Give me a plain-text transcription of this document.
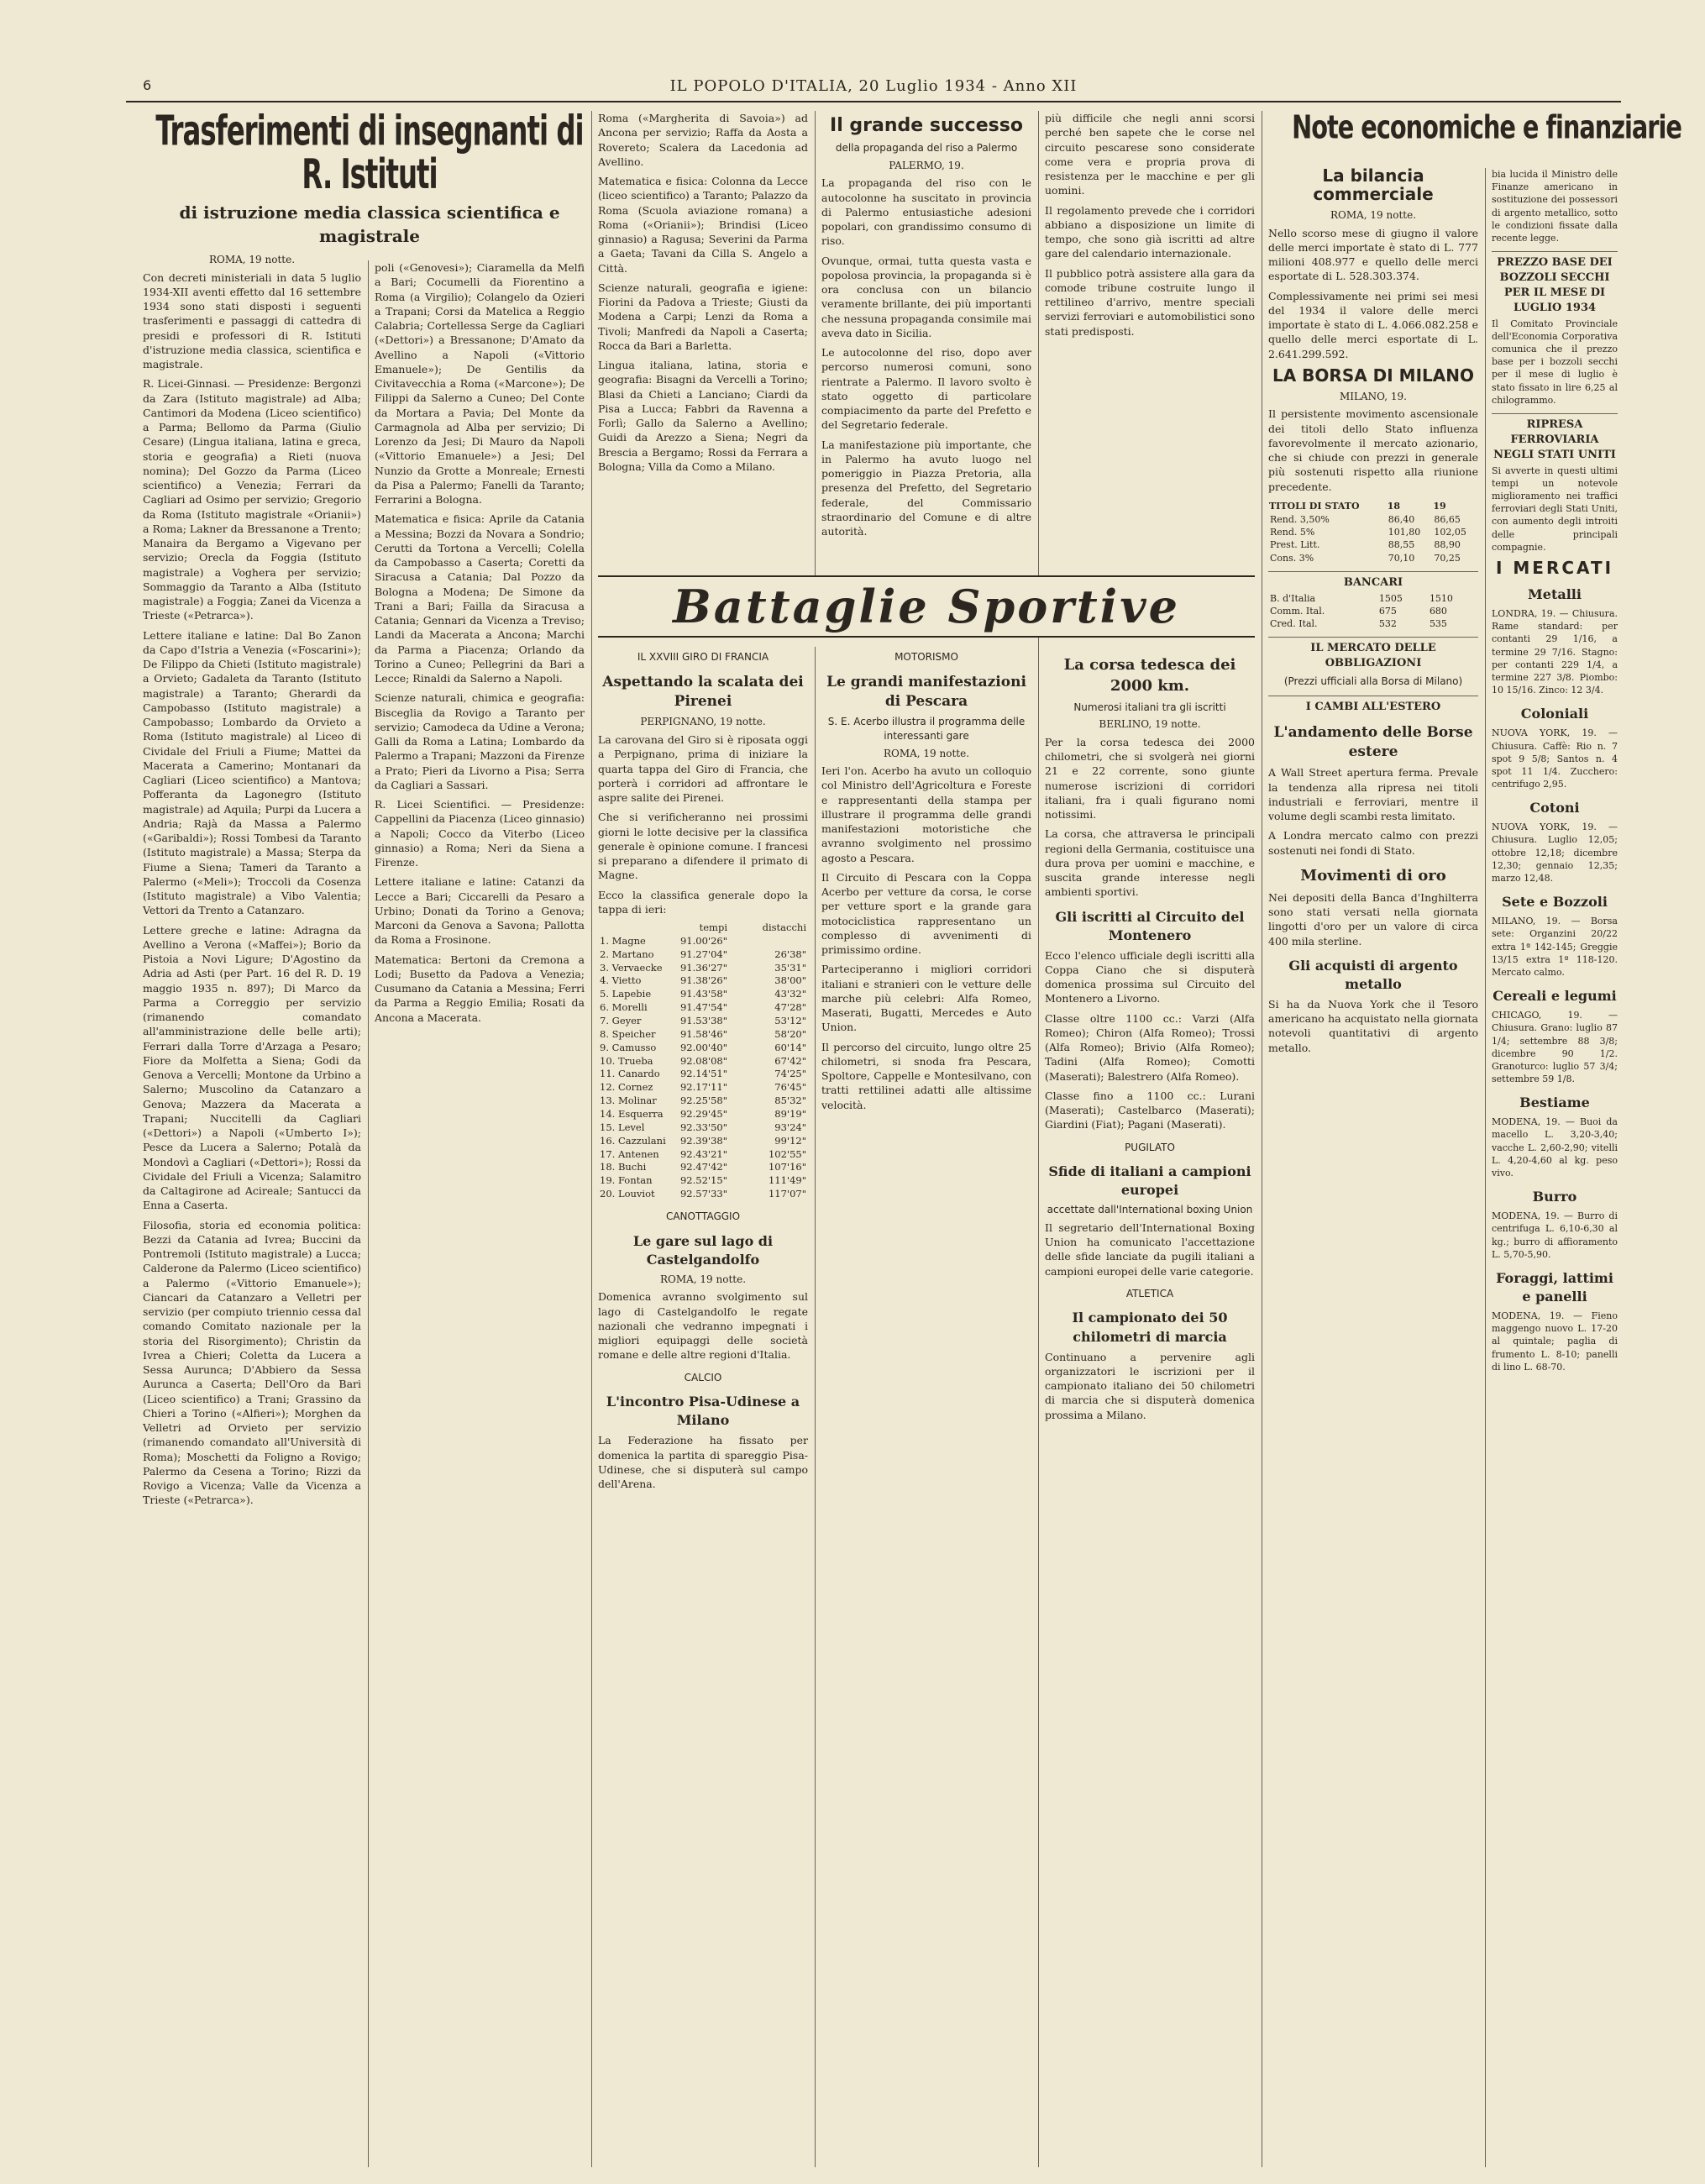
6	IL POPOLO D'ITALIA, 20 Luglio 1934 - Anno XII
Trasferimenti di insegnanti di R. Istituti
di istruzione media classica scientifica e magistrale
ROMA, 19 notte.

Con decreti ministeriali in data 5 luglio 1934-XII aventi effetto dal 16 settembre 1934 sono stati disposti i seguenti trasferimenti e passaggi di cattedra di presidi e professori di R. Istituti d'istruzione media classica, scientifica e magistrale.

R. Licei-Ginnasi. — Presidenze: Bergonzi da Zara (Istituto magistrale) ad Alba; Cantimori da Modena (Liceo scientifico) a Parma; Bellomo da Parma (Giulio Cesare) (Lingua italiana, latina e greca, storia e geografia) a Rieti (nuova nomina); Del Gozzo da Parma (Liceo scientifico) a Venezia; Ferrari da Cagliari ad Osimo per servizio; Gregorio da Roma (Istituto magistrale «Orianii») a Roma; Lakner da Bressanone a Trento; Manaira da Bergamo a Vigevano per servizio; Orecla da Foggia (Istituto magistrale) a Voghera per servizio; Sommaggio da Taranto a Alba (Istituto magistrale) a Foggia; Zanei da Vicenza a Trieste («Petrarca»).

Lettere italiane e latine: Dal Bo Zanon da Capo d'Istria a Venezia («Foscarini»); De Filippo da Chieti (Istituto magistrale) a Orvieto; Gadaleta da Taranto (Istituto magistrale) a Taranto; Gherardi da Campobasso (Istituto magistrale) a Campobasso; Lombardo da Orvieto a Roma (Istituto magistrale) al Liceo di Cividale del Friuli a Fiume; Mattei da Macerata a Camerino; Montanari da Cagliari (Liceo scientifico) a Mantova; Pofferanta da Lagonegro (Istituto magistrale) ad Aquila; Purpi da Lucera a Andria; Rajà da Massa a Palermo («Garibaldi»); Rossi Tombesi da Taranto (Istituto magistrale) a Massa; Sterpa da Fiume a Siena; Tameri da Taranto a Palermo («Meli»); Troccoli da Cosenza (Istituto magistrale) a Vibo Valentia; Vettori da Trento a Catanzaro.

Lettere greche e latine: Adragna da Avellino a Verona («Maffei»); Borio da Pistoia a Novi Ligure; D'Agostino da Adria ad Asti (per Part. 16 del R. D. 19 maggio 1935 n. 897); Di Marco da Parma a Correggio per servizio (rimanendo comandato all'amministrazione delle belle arti); Ferrari dalla Torre d'Arzaga a Pesaro; Fiore da Molfetta a Siena; Godi da Genova a Vercelli; Montone da Urbino a Salerno; Muscolino da Catanzaro a Genova; Mazzera da Macerata a Trapani; Nuccitelli da Cagliari («Dettori») a Napoli («Umberto I»); Pesce da Lucera a Salerno; Potalà da Mondovì a Cagliari («Dettori»); Rossi da Cividale del Friuli a Vicenza; Salamitro da Caltagirone ad Acireale; Santucci da Enna a Caserta.

Filosofia, storia ed economia politica: Bezzi da Catania ad Ivrea; Buccini da Pontremoli (Istituto magistrale) a Lucca; Calderone da Palermo (Liceo scientifico) a Palermo («Vittorio Emanuele»); Ciancari da Catanzaro a Velletri per servizio (per compiuto triennio cessa dal comando Comitato nazionale per la storia del Risorgimento); Christin da Ivrea a Chieri; Coletta da Lucera a Sessa Aurunca; D'Abbiero da Sessa Aurunca a Caserta; Dell'Oro da Bari (Liceo scientifico) a Trani; Grassino da Chieri a Torino («Alfieri»); Morghen da Velletri ad Orvieto per servizio (rimanendo comandato all'Università di Roma); Moschetti da Foligno a Rovigo; Palermo da Cesena a Torino; Rizzi da Rovigo a Vicenza; Valle da Vicenza a Trieste («Petrarca»).

poli («Genovesi»); Ciaramella da Melfi a Bari; Cocumelli da Fiorentino a Roma (a Virgilio); Colangelo da Ozieri a Trapani; Corsi da Matelica a Reggio Calabria; Cortellessa Serge da Cagliari («Dettori») a Bressanone; D'Amato da Avellino a Napoli («Vittorio Emanuele»); De Gentilis da Civitavecchia a Roma («Marcone»); De Filippi da Salerno a Cuneo; Del Conte da Mortara a Pavia; Del Monte da Carmagnola ad Alba per servizio; Di Lorenzo da Jesi; Di Mauro da Napoli («Vittorio Emanuele») a Jesi; Del Nunzio da Grotte a Monreale; Ernesti da Pisa a Palermo; Fanelli da Taranto; Ferrarini a Bologna.

Matematica e fisica: Aprile da Catania a Messina; Bozzi da Novara a Sondrio; Cerutti da Tortona a Vercelli; Colella da Campobasso a Caserta; Coretti da Siracusa a Catania; Dal Pozzo da Bologna a Modena; De Simone da Trani a Bari; Failla da Siracusa a Catania; Gennari da Vicenza a Treviso; Landi da Macerata a Ancona; Marchi da Parma a Piacenza; Orlando da Torino a Cuneo; Pellegrini da Bari a Lecce; Rinaldi da Salerno a Napoli.

Scienze naturali, chimica e geografia: Bisceglia da Rovigo a Taranto per servizio; Camodeca da Udine a Verona; Galli da Roma a Latina; Lombardo da Palermo a Trapani; Mazzoni da Firenze a Prato; Pieri da Livorno a Pisa; Serra da Cagliari a Sassari.

R. Licei Scientifici. — Presidenze: Cappellini da Piacenza (Liceo ginnasio) a Napoli; Cocco da Viterbo (Liceo ginnasio) a Roma; Neri da Siena a Firenze.

Lettere italiane e latine: Catanzi da Lecce a Bari; Ciccarelli da Pesaro a Urbino; Donati da Torino a Genova; Marconi da Genova a Savona; Pallotta da Roma a Frosinone.

Matematica: Bertoni da Cremona a Lodi; Busetto da Padova a Venezia; Cusumano da Catania a Messina; Ferri da Parma a Reggio Emilia; Rosati da Ancona a Macerata.

Roma («Margherita di Savoia») ad Ancona per servizio; Raffa da Aosta a Rovereto; Scalera da Lacedonia ad Avellino.

Matematica e fisica: Colonna da Lecce (liceo scientifico) a Taranto; Palazzo da Roma (Scuola aviazione romana) a Roma («Orianii»); Brindisi (Liceo ginnasio) a Ragusa; Severini da Parma a Gaeta; Tavani da Cilla S. Angelo a Città.

Scienze naturali, geografia e igiene: Fiorini da Padova a Trieste; Giusti da Modena a Carpi; Lenzi da Roma a Tivoli; Manfredi da Napoli a Caserta; Rocca da Bari a Barletta.

Lingua italiana, latina, storia e geografia: Bisagni da Vercelli a Torino; Blasi da Chieti a Lanciano; Ciardi da Pisa a Lucca; Fabbri da Ravenna a Forlì; Gallo da Salerno a Avellino; Guidi da Arezzo a Siena; Negri da Brescia a Bergamo; Rossi da Ferrara a Bologna; Villa da Como a Milano.

Il grande successo
della propaganda del riso a Palermo
PALERMO, 19.

La propaganda del riso con le autocolonne ha suscitato in provincia di Palermo entusiastiche adesioni popolari, con grandissimo consumo di riso.

Ovunque, ormai, tutta questa vasta e popolosa provincia, la propaganda si è ora conclusa con un bilancio veramente brillante, dei più importanti che nessuna propaganda consimile mai aveva dato in Sicilia.

Le autocolonne del riso, dopo aver percorso numerosi comuni, sono rientrate a Palermo. Il lavoro svolto è stato oggetto di particolare compiacimento da parte del Prefetto e del Segretario federale.

La manifestazione più importante, che in Palermo ha avuto luogo nel pomeriggio in Piazza Pretoria, alla presenza del Prefetto, del Segretario federale, del Commissario straordinario del Comune e di altre autorità.

più difficile che negli anni scorsi perché ben sapete che le corse nel circuito pescarese sono considerate come vera e propria prova di resistenza per le macchine e per gli uomini.

Il regolamento prevede che i corridori abbiano a disposizione un limite di tempo, che sono già iscritti ad altre gare del calendario internazionale.

Il pubblico potrà assistere alla gara da comode tribune costruite lungo il rettilineo d'arrivo, mentre speciali servizi ferroviari e automobilistici sono stati predisposti.

Battaglie Sportive
IL XXVIII GIRO DI FRANCIA
Aspettando la scalata dei Pirenei
PERPIGNANO, 19 notte.

La carovana del Giro si è riposata oggi a Perpignano, prima di iniziare la quarta tappa del Giro di Francia, che porterà i corridori ad affrontare le aspre salite dei Pirenei.

Che si verificheranno nei prossimi giorni le lotte decisive per la classifica generale è opinione comune. I francesi si preparano a difendere il primato di Magne.

Ecco la classifica generale dopo la tappa di ieri:

	tempi	distacchi
1. Magne	91.00'26"	
2. Martano	91.27'04"	26'38"
3. Vervaecke	91.36'27"	35'31"
4. Vietto	91.38'26"	38'00"
5. Lapebie	91.43'58"	43'32"
6. Morelli	91.47'54"	47'28"
7. Geyer	91.53'38"	53'12"
8. Speicher	91.58'46"	58'20"
9. Camusso	92.00'40"	60'14"
10. Trueba	92.08'08"	67'42"
11. Canardo	92.14'51"	74'25"
12. Cornez	92.17'11"	76'45"
13. Molinar	92.25'58"	85'32"
14. Esquerra	92.29'45"	89'19"
15. Level	92.33'50"	93'24"
16. Cazzulani	92.39'38"	99'12"
17. Antenen	92.43'21"	102'55"
18. Buchi	92.47'42"	107'16"
19. Fontan	92.52'15"	111'49"
20. Louviot	92.57'33"	117'07"
CANOTTAGGIO
Le gare sul lago di Castelgandolfo
ROMA, 19 notte.

Domenica avranno svolgimento sul lago di Castelgandolfo le regate nazionali che vedranno impegnati i migliori equipaggi delle società romane e delle altre regioni d'Italia.

CALCIO
L'incontro Pisa-Udinese a Milano

La Federazione ha fissato per domenica la partita di spareggio Pisa-Udinese, che si disputerà sul campo dell'Arena.

MOTORISMO
Le grandi manifestazioni di Pescara
S. E. Acerbo illustra il programma delle interessanti gare
ROMA, 19 notte.

Ieri l'on. Acerbo ha avuto un colloquio col Ministro dell'Agricoltura e Foreste e rappresentanti della stampa per illustrare il programma delle grandi manifestazioni motoristiche che avranno svolgimento nel prossimo agosto a Pescara.

Il Circuito di Pescara con la Coppa Acerbo per vetture da corsa, le corse per vetture sport e la grande gara motociclistica rappresentano un complesso di avvenimenti di primissimo ordine.

Parteciperanno i migliori corridori italiani e stranieri con le vetture delle marche più celebri: Alfa Romeo, Maserati, Bugatti, Mercedes e Auto Union.

Il percorso del circuito, lungo oltre 25 chilometri, si snoda fra Pescara, Spoltore, Cappelle e Montesilvano, con tratti rettilinei adatti alle altissime velocità.

La corsa tedesca dei 2000 km.
Numerosi italiani tra gli iscritti
BERLINO, 19 notte.

Per la corsa tedesca dei 2000 chilometri, che si svolgerà nei giorni 21 e 22 corrente, sono giunte numerose iscrizioni di corridori italiani, fra i quali figurano nomi notissimi.

La corsa, che attraversa le principali regioni della Germania, costituisce una dura prova per uomini e macchine, e suscita grande interesse negli ambienti sportivi.

Gli iscritti al Circuito del Montenero

Ecco l'elenco ufficiale degli iscritti alla Coppa Ciano che si disputerà domenica prossima sul Circuito del Montenero a Livorno.

Classe oltre 1100 cc.: Varzi (Alfa Romeo); Chiron (Alfa Romeo); Trossi (Alfa Romeo); Brivio (Alfa Romeo); Tadini (Alfa Romeo); Comotti (Maserati); Balestrero (Alfa Romeo).

Classe fino a 1100 cc.: Lurani (Maserati); Castelbarco (Maserati); Giardini (Fiat); Pagani (Maserati).

PUGILATO
Sfide di italiani a campioni europei
accettate dall'International boxing Union

Il segretario dell'International Boxing Union ha comunicato l'accettazione delle sfide lanciate da pugili italiani a campioni europei delle varie categorie.

ATLETICA
Il campionato dei 50 chilometri di marcia

Continuano a pervenire agli organizzatori le iscrizioni per il campionato italiano dei 50 chilometri di marcia che si disputerà domenica prossima a Milano.

Note economiche e finanziarie
La bilancia commerciale
ROMA, 19 notte.

Nello scorso mese di giugno il valore delle merci importate è stato di L. 777 milioni 408.977 e quello delle merci esportate di L. 528.303.374.

Complessivamente nei primi sei mesi del 1934 il valore delle merci importate è stato di L. 4.066.082.258 e quello delle merci esportate di L. 2.641.299.592.

LA BORSA DI MILANO
MILANO, 19.

Il persistente movimento ascensionale dei titoli dello Stato influenza favorevolmente il mercato azionario, che si chiude con prezzi in generale più sostenuti rispetto alla riunione precedente.

TITOLI DI STATO	18	19
Rend. 3,50%	86,40	86,65
Rend. 5%	101,80	102,05
Prest. Litt.	88,55	88,90
Cons. 3%	70,10	70,25
BANCARI
B. d'Italia	1505	1510
Comm. Ital.	675	680
Cred. Ital.	532	535
IL MERCATO DELLE OBBLIGAZIONI
(Prezzi ufficiali alla Borsa di Milano)
I CAMBI ALL'ESTERO
L'andamento delle Borse estere

A Wall Street apertura ferma. Prevale la tendenza alla ripresa nei titoli industriali e ferroviari, mentre il volume degli scambi resta limitato.

A Londra mercato calmo con prezzi sostenuti nei fondi di Stato.

Movimenti di oro

Nei depositi della Banca d'Inghilterra sono stati versati nella giornata lingotti d'oro per un valore di circa 400 mila sterline.

Gli acquisti di argento metallo

Si ha da Nuova York che il Tesoro americano ha acquistato nella giornata notevoli quantitativi di argento metallo.

bia lucida il Ministro delle Finanze americano in sostituzione dei possessori di argento metallico, sotto le condizioni fissate dalla recente legge.

PREZZO BASE DEI BOZZOLI SECCHI PER IL MESE DI LUGLIO 1934

Il Comitato Provinciale dell'Economia Corporativa comunica che il prezzo base per i bozzoli secchi per il mese di luglio è stato fissato in lire 6,25 al chilogrammo.

RIPRESA FERROVIARIA NEGLI STATI UNITI

Si avverte in questi ultimi tempi un notevole miglioramento nei traffici ferroviari degli Stati Uniti, con aumento degli introiti delle principali compagnie.

I MERCATI
Metalli

LONDRA, 19. — Chiusura. Rame standard: per contanti 29 1/16, a termine 29 7/16. Stagno: per contanti 229 1/4, a termine 227 3/8. Piombo: 10 15/16. Zinco: 12 3/4.

Coloniali

NUOVA YORK, 19. — Chiusura. Caffè: Rio n. 7 spot 9 5/8; Santos n. 4 spot 11 1/4. Zucchero: centrifugo 2,95.

Cotoni

NUOVA YORK, 19. — Chiusura. Luglio 12,05; ottobre 12,18; dicembre 12,30; gennaio 12,35; marzo 12,48.

Sete e Bozzoli

MILANO, 19. — Borsa sete: Organzini 20/22 extra 1ª 142-145; Greggie 13/15 extra 1ª 118-120. Mercato calmo.

Cereali e legumi

CHICAGO, 19. — Chiusura. Grano: luglio 87 1/4; settembre 88 3/8; dicembre 90 1/2. Granoturco: luglio 57 3/4; settembre 59 1/8.

Bestiame

MODENA, 19. — Buoi da macello L. 3,20-3,40; vacche L. 2,60-2,90; vitelli L. 4,20-4,60 al kg. peso vivo.

Burro

MODENA, 19. — Burro di centrifuga L. 6,10-6,30 al kg.; burro di affioramento L. 5,70-5,90.

Foraggi, lattimi e panelli

MODENA, 19. — Fieno maggengo nuovo L. 17-20 al quintale; paglia di frumento L. 8-10; panelli di lino L. 68-70.
